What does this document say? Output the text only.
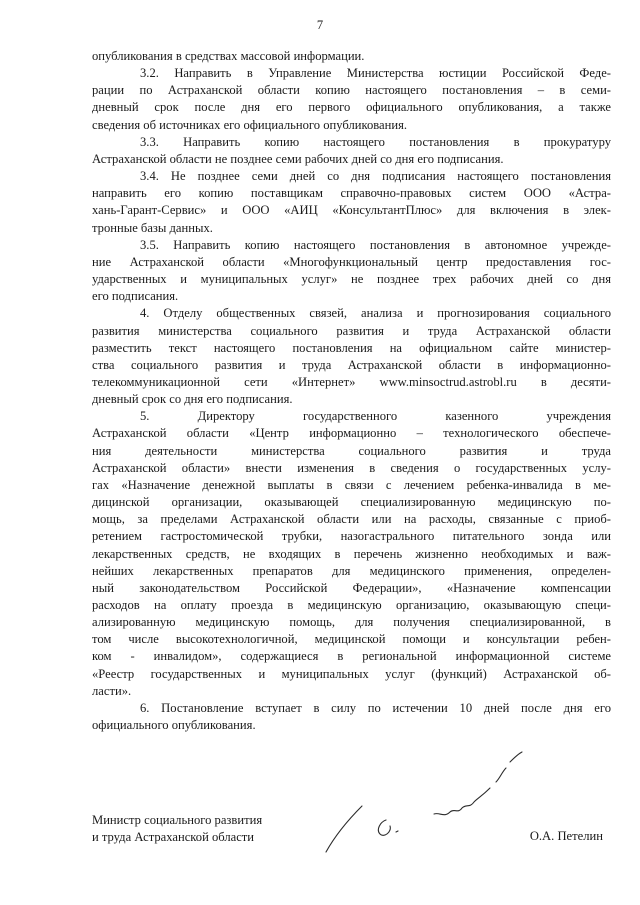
7
опубликования в средствах массовой информации.
3.2. Направить в Управление Министерства юстиции Российской Феде-
рации по Астраханской области копию настоящего постановления – в семи-
дневный срок после дня его первого официального опубликования, а также
сведения об источниках его официального опубликования.
3.3. Направить копию настоящего постановления в прокуратуру
Астраханской области не позднее семи рабочих дней со дня его подписания.
3.4. Не позднее семи дней со дня подписания настоящего постановления
направить его копию поставщикам справочно-правовых систем ООО «Астра-
хань-Гарант-Сервис» и ООО «АИЦ «КонсультантПлюс» для включения в элек-
тронные базы данных.
3.5. Направить копию настоящего постановления в автономное учрежде-
ние Астраханской области «Многофункциональный центр предоставления гос-
ударственных и муниципальных услуг» не позднее трех рабочих дней со дня
его подписания.
4. Отделу общественных связей, анализа и прогнозирования социального
развития министерства социального развития и труда Астраханской области
разместить текст настоящего постановления на официальном сайте министер-
ства социального развития и труда Астраханской области в информационно-
телекоммуникационной сети «Интернет» www.minsoctrud.astrobl.ru в десяти-
дневный срок со дня его подписания.
5. Директору государственного казенного учреждения
Астраханской области «Центр информационно – технологического обеспече-
ния деятельности министерства социального развития и труда
Астраханской области» внести изменения в сведения о государственных услу-
гах «Назначение денежной выплаты в связи с лечением ребенка-инвалида в ме-
дицинской организации, оказывающей специализированную медицинскую по-
мощь, за пределами Астраханской области или на расходы, связанные с приоб-
ретением гастростомической трубки, назогастрального питательного зонда или
лекарственных средств, не входящих в перечень жизненно необходимых и важ-
нейших лекарственных препаратов для медицинского применения, определен-
ный законодательством Российской Федерации», «Назначение компенсации
расходов на оплату проезда в медицинскую организацию, оказывающую специ-
ализированную медицинскую помощь, для получения специализированной, в
том числе высокотехнологичной, медицинской помощи и консультации ребен-
ком - инвалидом», содержащиеся в региональной информационной системе
«Реестр государственных и муниципальных услуг (функций) Астраханской об-
ласти».
6. Постановление вступает в силу по истечении 10 дней после дня его
официального опубликования.
Министр социального развития
и труда Астраханской области	О.А. Петелин
